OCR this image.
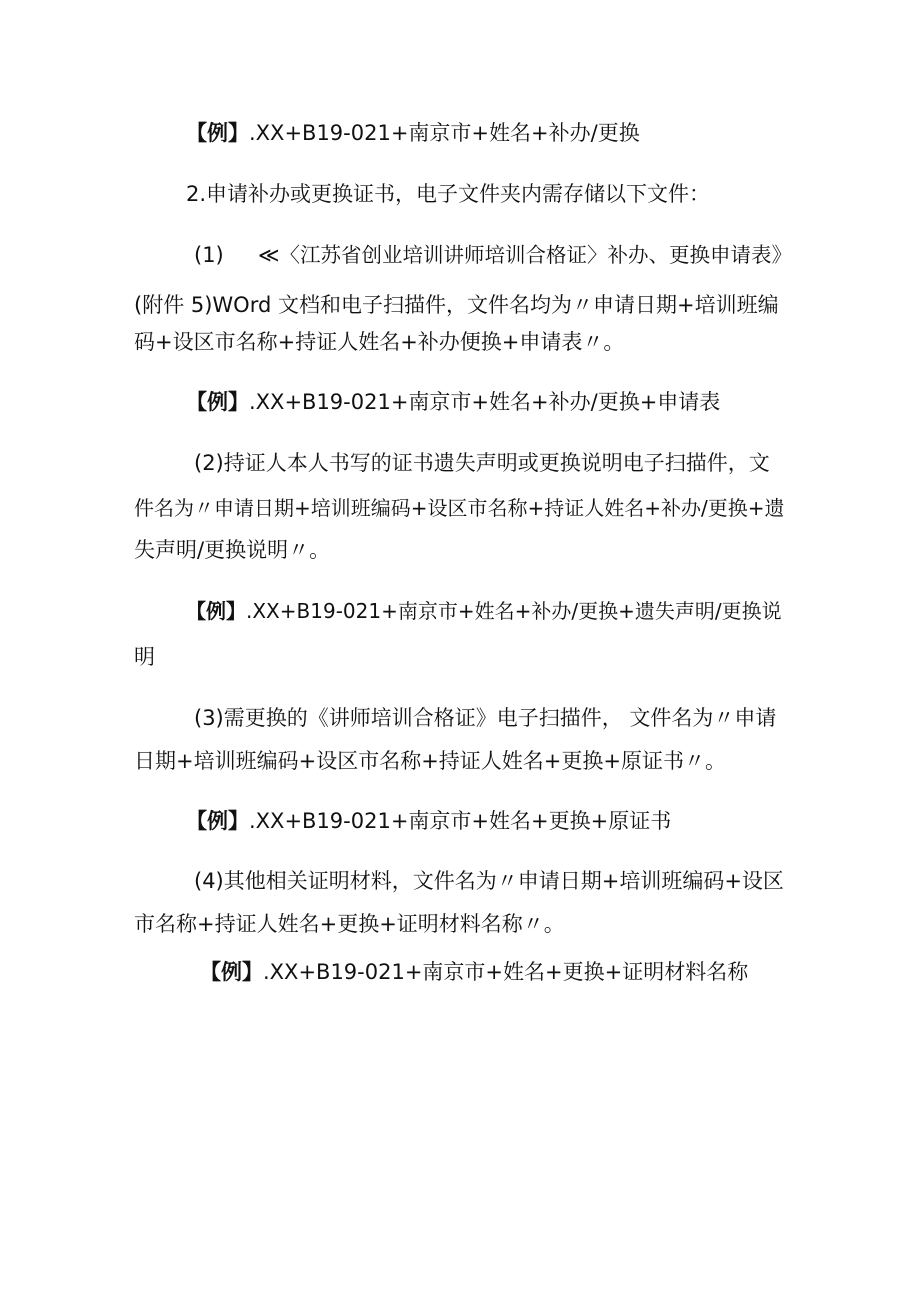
【例】.XX+B19-021+南京市+姓名+补办/更换
2.申请补办或更换证书，电子文件夹内需存储以下文件：
(1) ≪〈江苏省创业培训讲师培训合格证〉补办、更换申请表》
(附件 5)WOrd 文档和电子扫描件，文件名均为〃申请日期+培训班编
码+设区市名称+持证人姓名+补办便换+申请表〃。
【例】.XX+B19-021+南京市+姓名+补办/更换+申请表
(2)持证人本人书写的证书遗失声明或更换说明电子扫描件，文
件名为〃申请日期+培训班编码+设区市名称+持证人姓名+补办/更换+遗
失声明/更换说明〃。
【例】.XX+B19-021+南京市+姓名+补办/更换+遗失声明/更换说
明
(3)需更换的《讲师培训合格证》电子扫描件， 文件名为〃申请
日期+培训班编码+设区市名称+持证人姓名+更换+原证书〃。
【例】.XX+B19-021+南京市+姓名+更换+原证书
(4)其他相关证明材料，文件名为〃申请日期+培训班编码+设区
市名称+持证人姓名+更换+证明材料名称〃。
【例】.XX+B19-021+南京市+姓名+更换+证明材料名称
